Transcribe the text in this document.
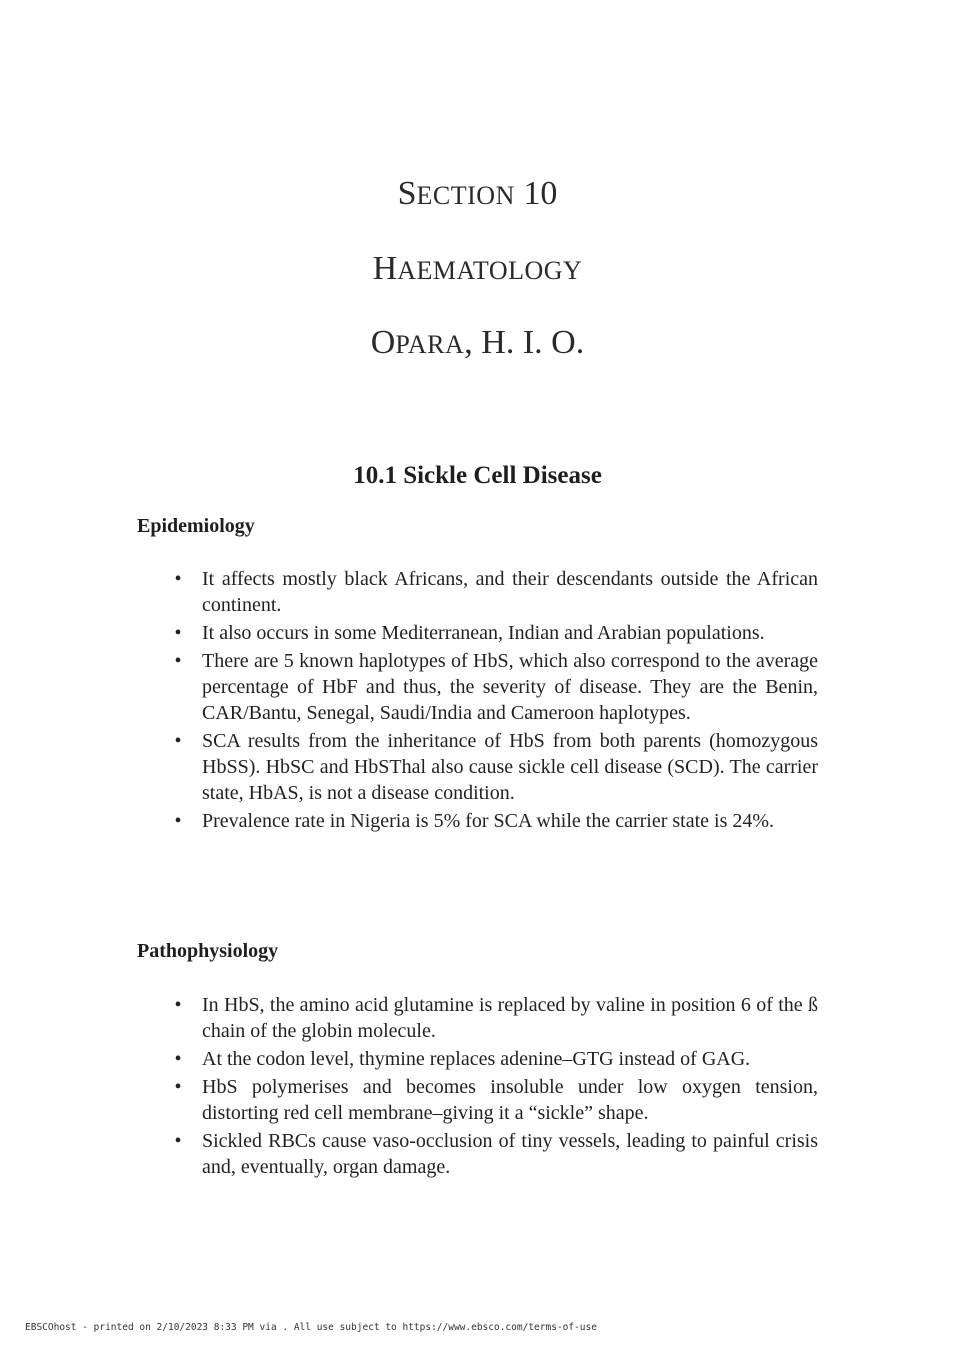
SECTION 10
HAEMATOLOGY
OPARA, H. I. O.
10.1 Sickle Cell Disease
Epidemiology
• It affects mostly black Africans, and their descendants outside the African continent.
• It also occurs in some Mediterranean, Indian and Arabian populations.
• There are 5 known haplotypes of HbS, which also correspond to the average percentage of HbF and thus, the severity of disease. They are the Benin, CAR/Bantu, Senegal, Saudi/India and Cameroon haplotypes.
• SCA results from the inheritance of HbS from both parents (homozygous HbSS). HbSC and HbSThal also cause sickle cell disease (SCD). The carrier state, HbAS, is not a disease condition.
• Prevalence rate in Nigeria is 5% for SCA while the carrier state is 24%.
Pathophysiology
• In HbS, the amino acid glutamine is replaced by valine in position 6 of the ß chain of the globin molecule.
• At the codon level, thymine replaces adenine–GTG instead of GAG.
• HbS polymerises and becomes insoluble under low oxygen tension, distorting red cell membrane–giving it a “sickle” shape.
• Sickled RBCs cause vaso-occlusion of tiny vessels, leading to painful crisis and, eventually, organ damage.
EBSCOhost - printed on 2/10/2023 8:33 PM via . All use subject to https://www.ebsco.com/terms-of-use
